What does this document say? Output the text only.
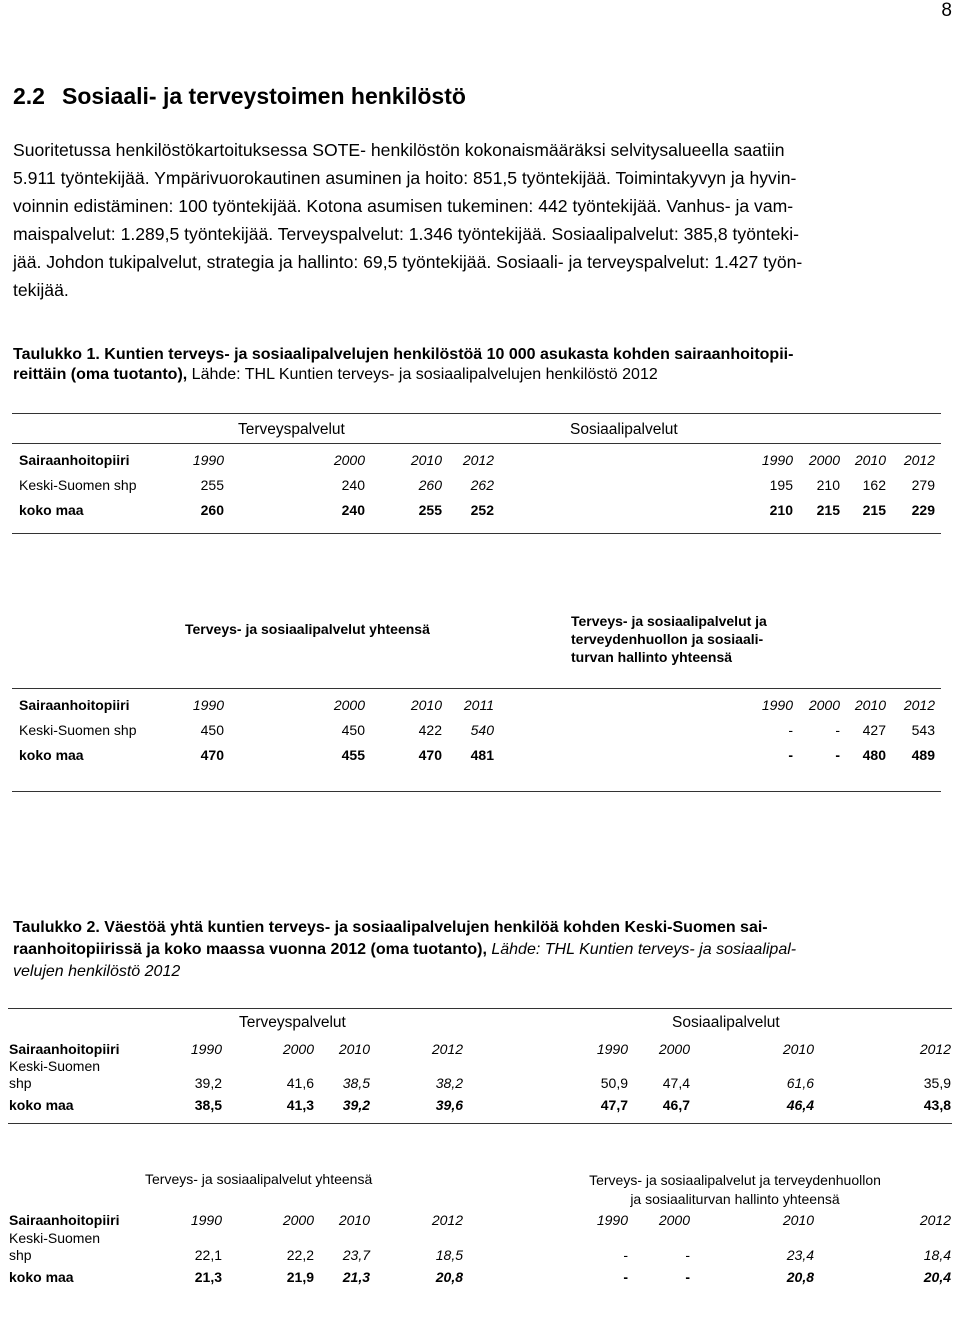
8
2.2 Sosiaali- ja terveystoimen henkilöstö
Suoritetussa henkilöstökartoituksessa SOTE- henkilöstön kokonaismääräksi selvitysalueella saatiin
5.911 työntekijää. Ympärivuorokautinen asuminen ja hoito: 851,5 työntekijää. Toimintakyvyn ja hyvin-
voinnin edistäminen: 100 työntekijää. Kotona asumisen tukeminen: 442 työntekijää. Vanhus- ja vam-
maispalvelut: 1.289,5 työntekijää. Terveyspalvelut: 1.346 työntekijää. Sosiaalipalvelut: 385,8 työnteki-
jää. Johdon tukipalvelut, strategia ja hallinto: 69,5 työntekijää. Sosiaali- ja terveyspalvelut: 1.427 työn-
tekijää.
Taulukko 1. Kuntien terveys- ja sosiaalipalvelujen henkilöstöä 10 000 asukasta kohden sairaanhoitopii-
reittäin (oma tuotanto), Lähde: THL Kuntien terveys- ja sosiaalipalvelujen henkilöstö 2012
Terveyspalvelut	Sosiaalipalvelut
Sairaanhoitopiiri	1990	2000	2010	2012	1990	2000	2010	2012
Keski-Suomen shp	255	240	260	262	195	210	162	279
koko maa	260	240	255	252	210	215	215	229
Terveys- ja sosiaalipalvelut yhteensä	Terveys- ja sosiaalipalvelut ja
terveydenhuollon ja sosiaali-
turvan hallinto yhteensä
Sairaanhoitopiiri	1990	2000	2010	2011	1990	2000	2010	2012
Keski-Suomen shp	450	450	422	540	-	-	427	543
koko maa	470	455	470	481	-	-	480	489
Taulukko 2. Väestöä yhtä kuntien terveys- ja sosiaalipalvelujen henkilöä kohden Keski-Suomen sai-
raanhoitopiirissä ja koko maassa vuonna 2012 (oma tuotanto), Lähde: THL Kuntien terveys- ja sosiaalipal-
velujen henkilöstö 2012
Terveyspalvelut	Sosiaalipalvelut
Sairaanhoitopiiri	1990	2000	2010	2012	1990	2000	2010	2012
Keski-Suomen
shp	39,2	41,6	38,5	38,2	50,9	47,4	61,6	35,9
koko maa	38,5	41,3	39,2	39,6	47,7	46,7	46,4	43,8
Terveys- ja sosiaalipalvelut yhteensä	Terveys- ja sosiaalipalvelut ja terveydenhuollon
ja sosiaaliturvan hallinto yhteensä
Sairaanhoitopiiri	1990	2000	2010	2012	1990	2000	2010	2012
Keski-Suomen
shp	22,1	22,2	23,7	18,5	-	-	23,4	18,4
koko maa	21,3	21,9	21,3	20,8	-	-	20,8	20,4
